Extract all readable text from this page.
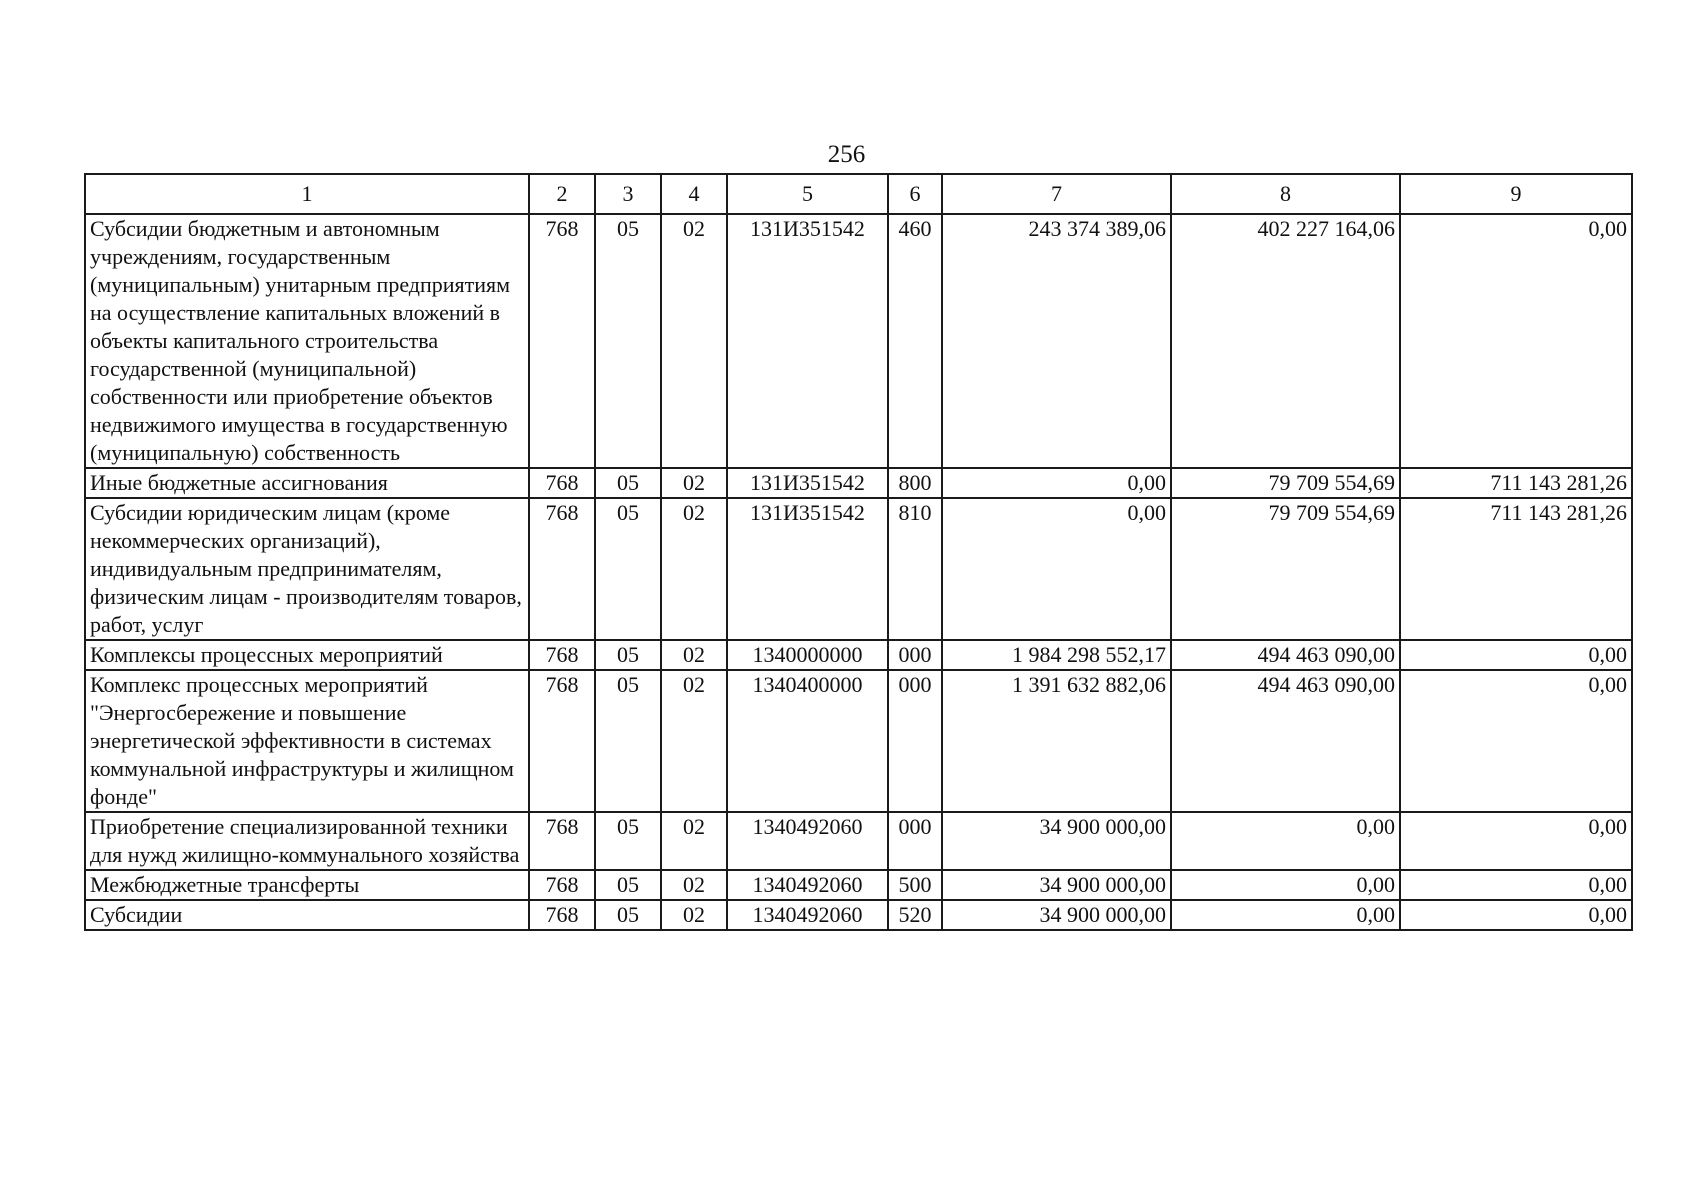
256
1	2	3	4	5	6	7	8	9
Субсидии бюджетным и автономным учреждениям, государственным (муниципальным) унитарным предприятиям на осуществление капитальных вложений в объекты капитального строительства государственной (муниципальной) собственности или приобретение объектов недвижимого имущества в государственную (муниципальную) собственность	768	05	02	131И351542	460	243 374 389,06	402 227 164,06	0,00
Иные бюджетные ассигнования	768	05	02	131И351542	800	0,00	79 709 554,69	711 143 281,26
Субсидии юридическим лицам (кроме некоммерческих организаций), индивидуальным предпринимателям, физическим лицам - производителям товаров, работ, услуг	768	05	02	131И351542	810	0,00	79 709 554,69	711 143 281,26
Комплексы процессных мероприятий	768	05	02	1340000000	000	1 984 298 552,17	494 463 090,00	0,00
Комплекс процессных мероприятий "Энергосбережение и повышение энергетической эффективности в системах коммунальной инфраструктуры и жилищном фонде"	768	05	02	1340400000	000	1 391 632 882,06	494 463 090,00	0,00
Приобретение специализированной техники для нужд жилищно-коммунального хозяйства	768	05	02	1340492060	000	34 900 000,00	0,00	0,00
Межбюджетные трансферты	768	05	02	1340492060	500	34 900 000,00	0,00	0,00
Субсидии	768	05	02	1340492060	520	34 900 000,00	0,00	0,00
